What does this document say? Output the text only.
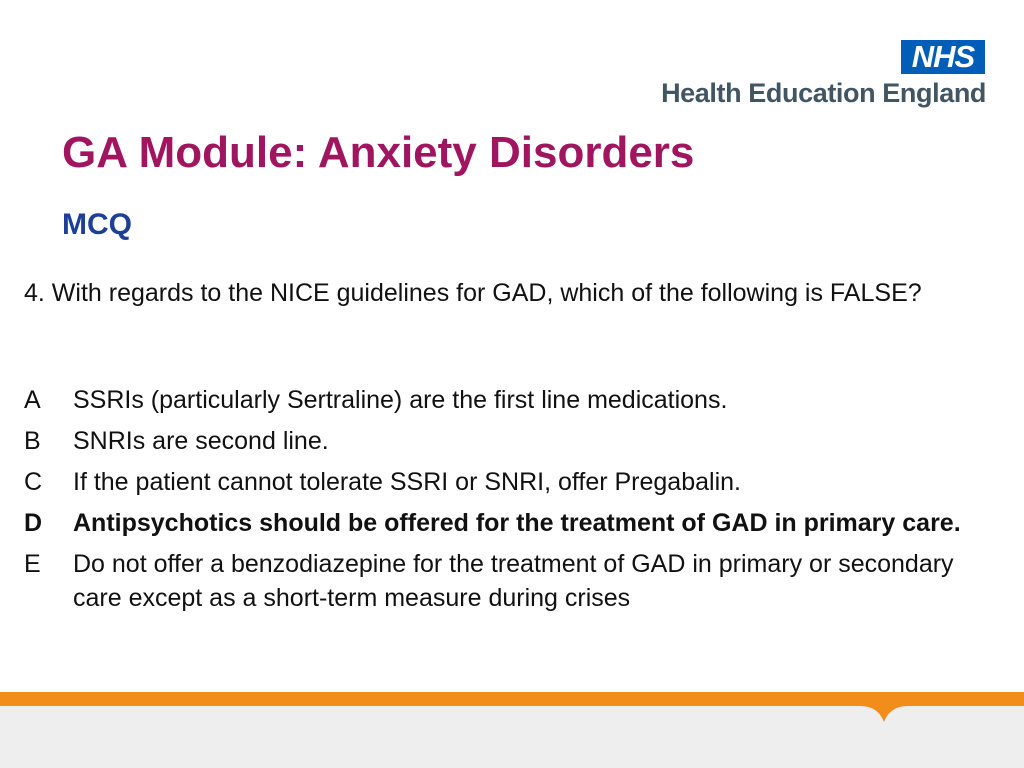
NHS
Health Education England
GA Module: Anxiety Disorders
MCQ

4. With regards to the NICE guidelines for GAD, which of the following is FALSE?

A	SSRIs (particularly Sertraline) are the first line medications.
B	SNRIs are second line.
C	If the patient cannot tolerate SSRI or SNRI, offer Pregabalin.
D	Antipsychotics should be offered for the treatment of GAD in primary care.
E	Do not offer a benzodiazepine for the treatment of GAD in primary or secondary care except as a short-term measure during crises
